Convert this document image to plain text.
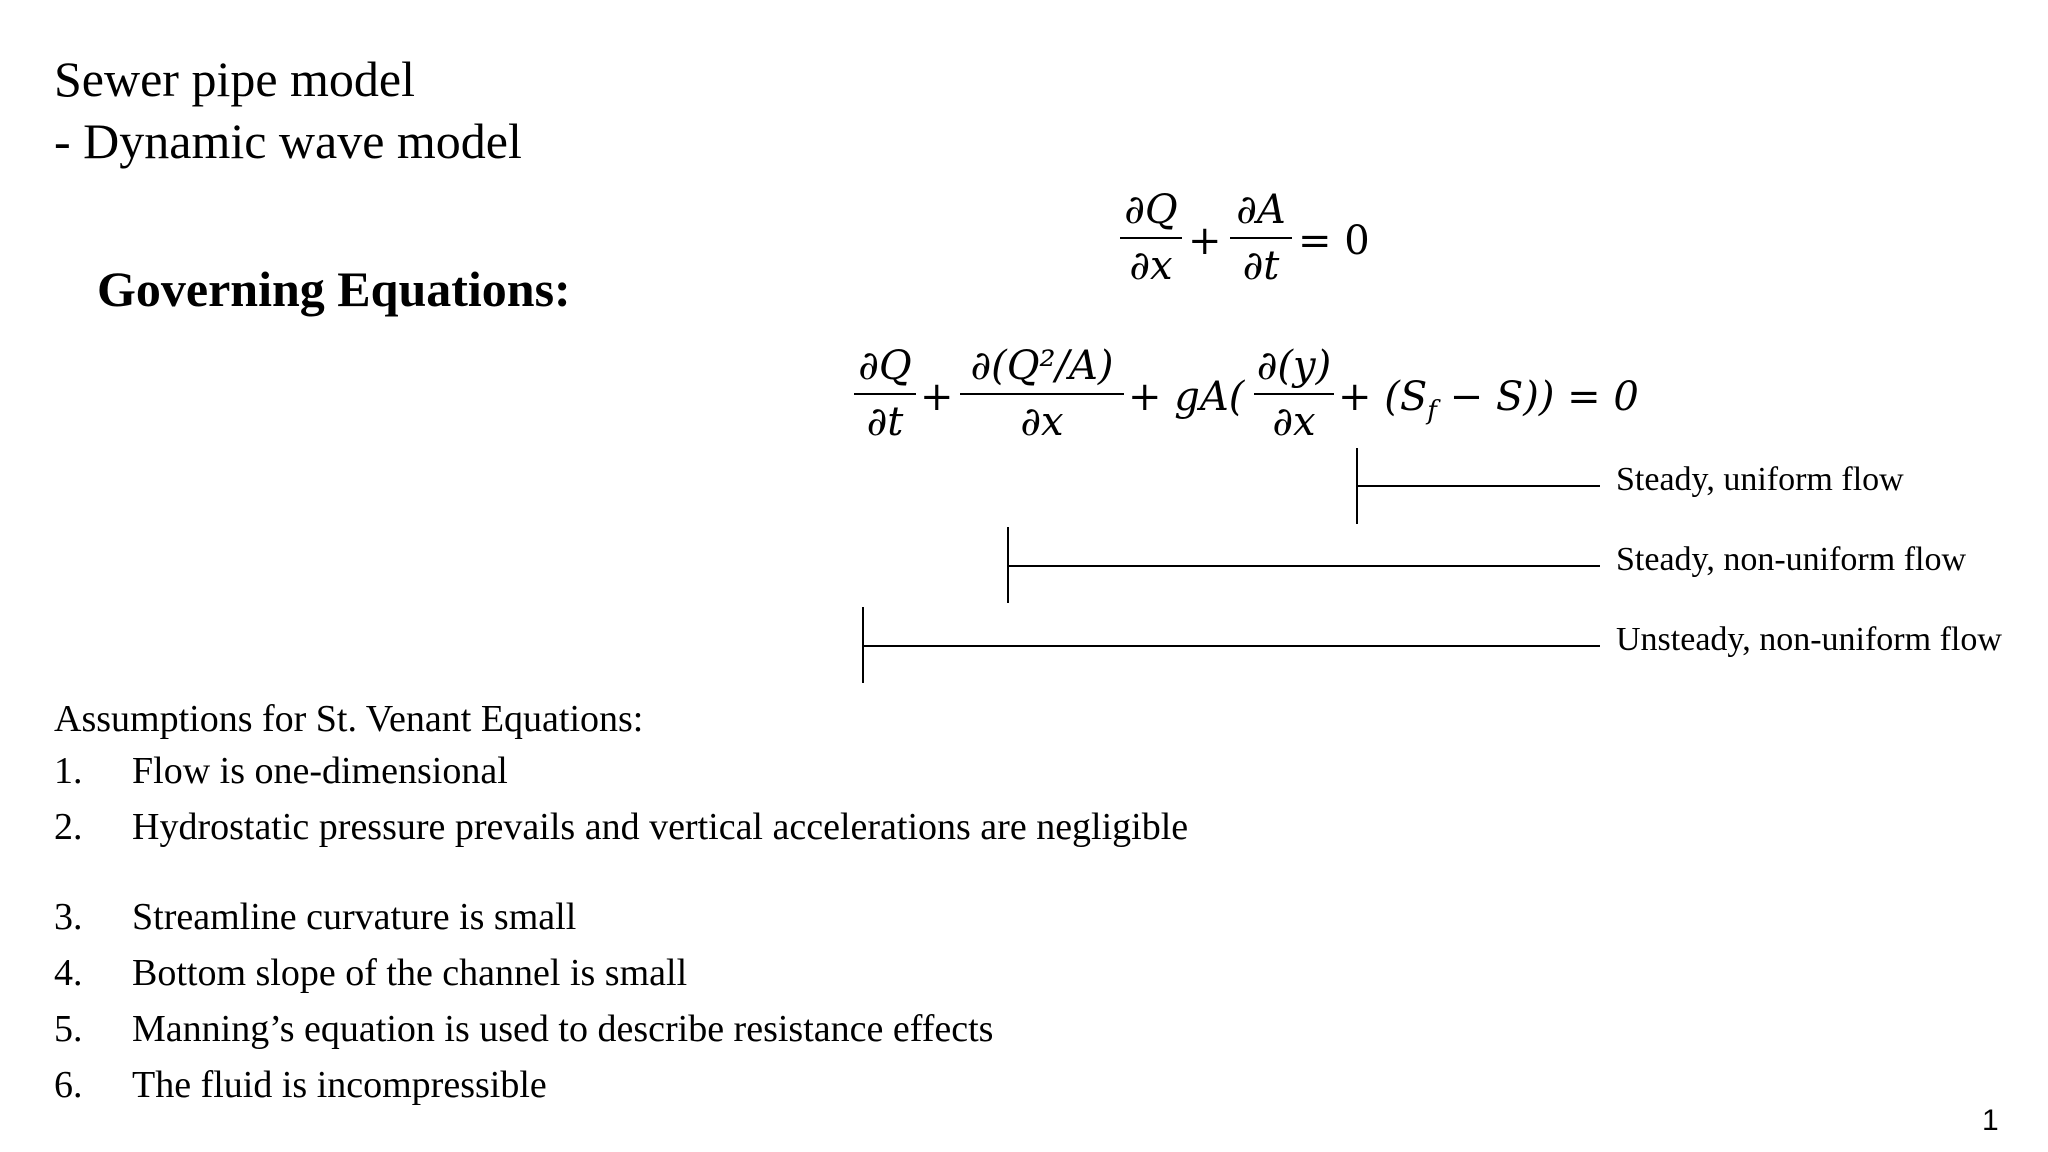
Sewer pipe model
- Dynamic wave model
Governing Equations:
∂Q
∂x
+
∂A
∂t
= 0
∂Q
∂t
+
∂(Q²/A)
∂x
+ gA(
∂(y)
∂x
+ $(S_f - S)) = 0$
Steady, uniform flow
Steady, non-uniform flow
Unsteady, non-uniform flow
Assumptions for St. Venant Equations:
1. Flow is one-dimensional
2. Hydrostatic pressure prevails and vertical accelerations are negligible
3. Streamline curvature is small
4. Bottom slope of the channel is small
5. Manning’s equation is used to describe resistance effects
6. The fluid is incompressible
1
